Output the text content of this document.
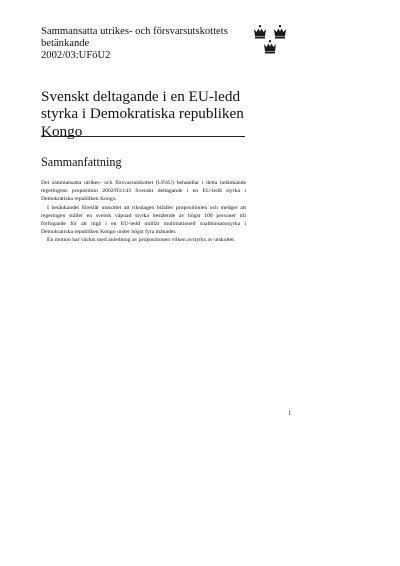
Sammansatta utrikes- och försvarsutskottets
betänkande
2002/03:UFöU2
Svenskt deltagande i en EU-ledd
styrka i Demokratiska republiken
Kongo
Sammanfattning

Det sammansatta utrikes- och försvarsutskottet (UFöU) behandlar i detta betänkande regeringens proposition 2002/03:143 Svenskt deltagande i en EU-ledd styrka i Demokratiska republiken Kongo.

I betänkandet föreslår utskottet att riksdagen bifaller propositionen och medger att regeringen ställer en svensk väpnad styrka bestående av högst 100 personer till förfogande för att ingå i en EU-ledd militär multinationell snabbinsatsstyrka i Demokratiska republiken Kongo under högst fyra månader.

En motion har väckts med anledning av propositionen vilken avstyrks av utskottet.

1
